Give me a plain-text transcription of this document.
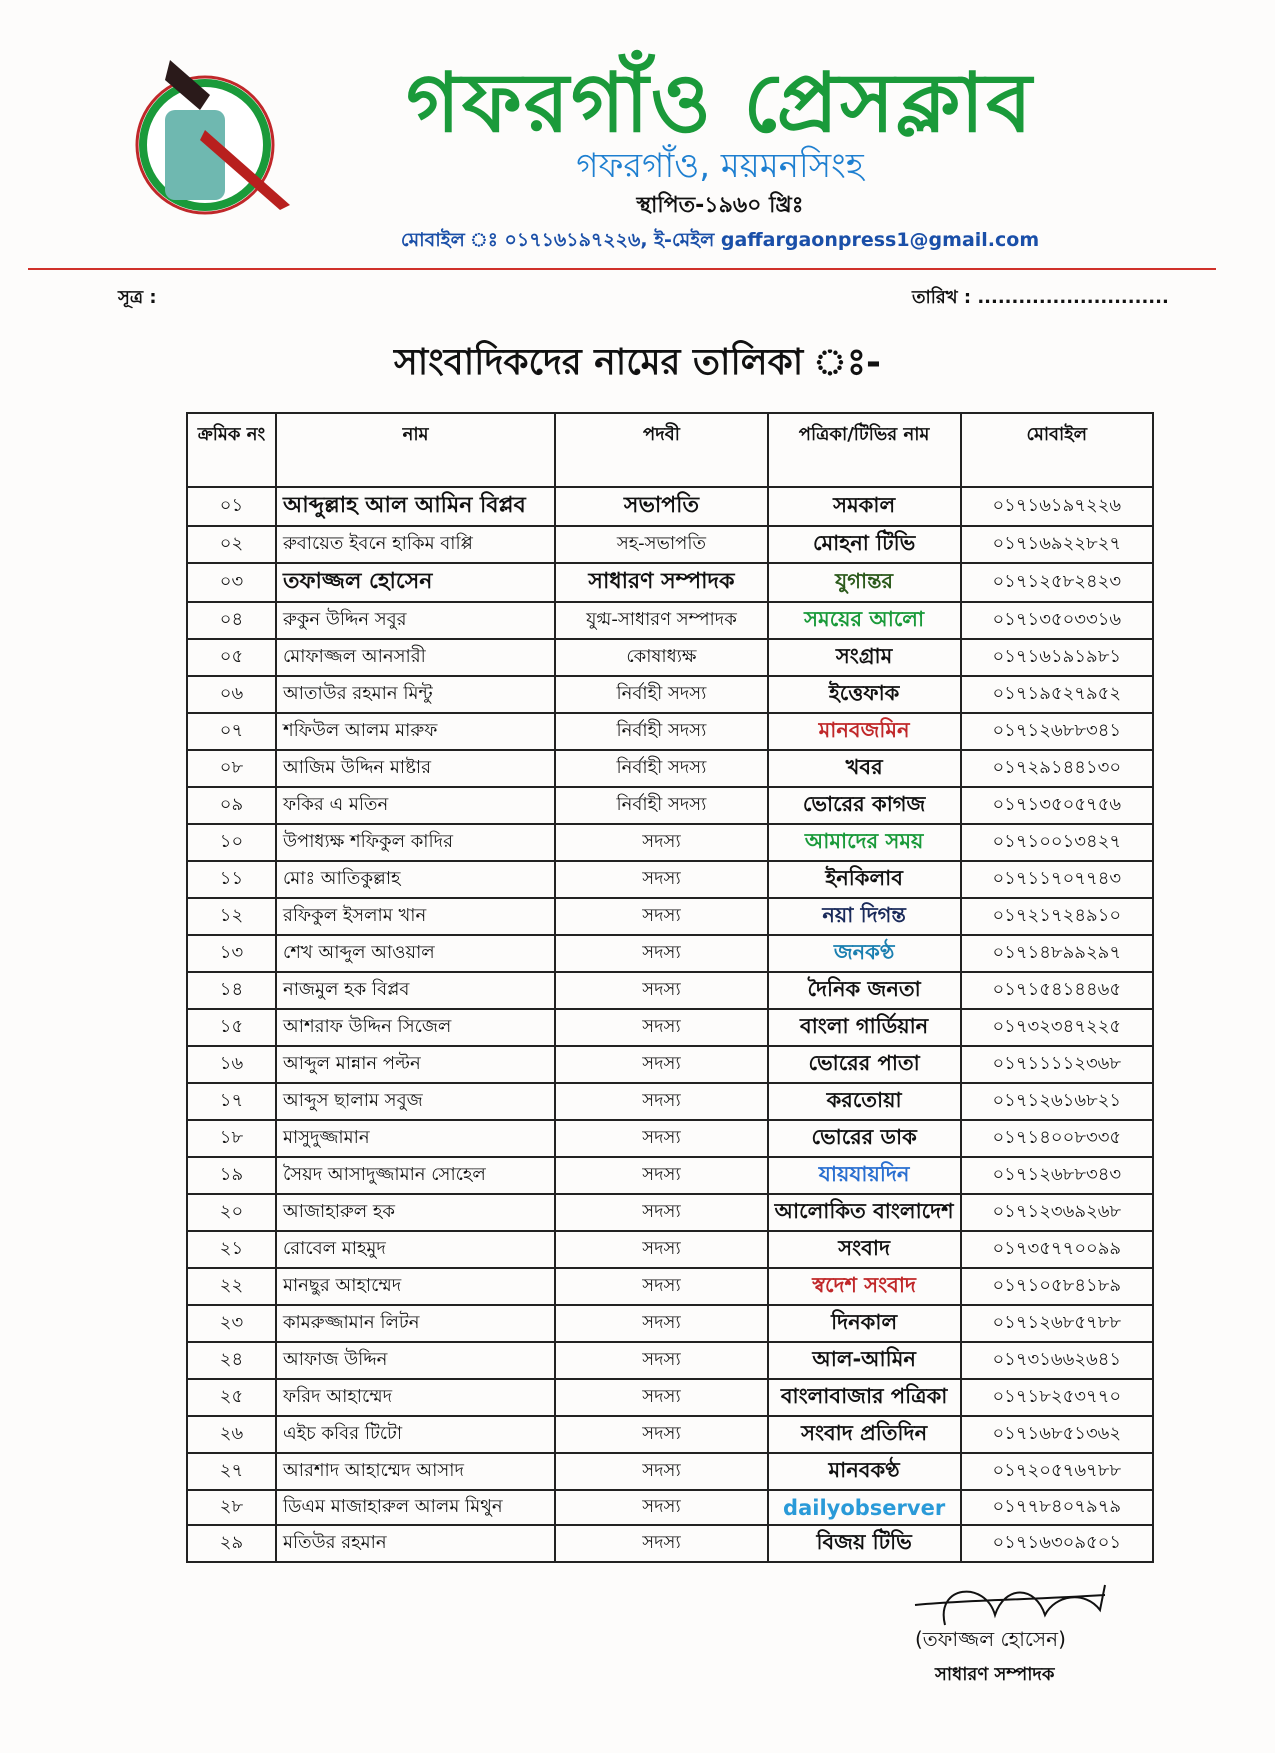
গফরগাঁও প্রেসক্লাব
গফরগাঁও, ময়মনসিংহ
স্থাপিত-১৯৬০ খ্রিঃ
মোবাইল ঃ ০১৭১৬১৯৭২২৬, ই-মেইল gaffargaonpress1@gmail.com
সূত্র :	তারিখ : ............................
সাংবাদিকদের নামের তালিকা ঃ-
ক্রমিক নং	নাম	পদবী	পত্রিকা/টিভির নাম	মোবাইল
০১	আব্দুল্লাহ আল আমিন বিপ্লব	সভাপতি	সমকাল	০১৭১৬১৯৭২২৬
০২	রুবায়েত ইবনে হাকিম বাপ্পি	সহ-সভাপতি	মোহনা টিভি	০১৭১৬৯২২৮২৭
০৩	তফাজ্জল হোসেন	সাধারণ সম্পাদক	যুগান্তর	০১৭১২৫৮২৪২৩
০৪	রুকুন উদ্দিন সবুর	যুগ্ম-সাধারণ সম্পাদক	সময়ের আলো	০১৭১৩৫০৩৩১৬
০৫	মোফাজ্জল আনসারী	কোষাধ্যক্ষ	সংগ্রাম	০১৭১৬১৯১৯৮১
০৬	আতাউর রহমান মিন্টু	নির্বাহী সদস্য	ইত্তেফাক	০১৭১৯৫২৭৯৫২
০৭	শফিউল আলম মারুফ	নির্বাহী সদস্য	মানবজমিন	০১৭১২৬৮৮৩৪১
০৮	আজিম উদ্দিন মাষ্টার	নির্বাহী সদস্য	খবর	০১৭২৯১৪৪১৩০
০৯	ফকির এ মতিন	নির্বাহী সদস্য	ভোরের কাগজ	০১৭১৩৫০৫৭৫৬
১০	উপাধ্যক্ষ শফিকুল কাদির	সদস্য	আমাদের সময়	০১৭১০০১৩৪২৭
১১	মোঃ আতিকুল্লাহ	সদস্য	ইনকিলাব	০১৭১১৭০৭৭৪৩
১২	রফিকুল ইসলাম খান	সদস্য	নয়া দিগন্ত	০১৭২১৭২৪৯১০
১৩	শেখ আব্দুল আওয়াল	সদস্য	জনকণ্ঠ	০১৭১৪৮৯৯২৯৭
১৪	নাজমুল হক বিপ্লব	সদস্য	দৈনিক জনতা	০১৭১৫৪১৪৪৬৫
১৫	আশরাফ উদ্দিন সিজেল	সদস্য	বাংলা গার্ডিয়ান	০১৭৩২৩৪৭২২৫
১৬	আব্দুল মান্নান পল্টন	সদস্য	ভোরের পাতা	০১৭১১১১২৩৬৮
১৭	আব্দুস ছালাম সবুজ	সদস্য	করতোয়া	০১৭১২৬১৬৮২১
১৮	মাসুদুজ্জামান	সদস্য	ভোরের ডাক	০১৭১৪০০৮৩৩৫
১৯	সৈয়দ আসাদুজ্জামান সোহেল	সদস্য	যায়যায়দিন	০১৭১২৬৮৮৩৪৩
২০	আজাহারুল হক	সদস্য	আলোকিত বাংলাদেশ	০১৭১২৩৬৯২৬৮
২১	রোবেল মাহমুদ	সদস্য	সংবাদ	০১৭৩৫৭৭০০৯৯
২২	মানছুর আহাম্মেদ	সদস্য	স্বদেশ সংবাদ	০১৭১০৫৮৪১৮৯
২৩	কামরুজ্জামান লিটন	সদস্য	দিনকাল	০১৭১২৬৮৫৭৮৮
২৪	আফাজ উদ্দিন	সদস্য	আল-আমিন	০১৭৩১৬৬২৬৪১
২৫	ফরিদ আহাম্মেদ	সদস্য	বাংলাবাজার পত্রিকা	০১৭১৮২৫৩৭৭০
২৬	এইচ কবির টিটো	সদস্য	সংবাদ প্রতিদিন	০১৭১৬৮৫১৩৬২
২৭	আরশাদ আহাম্মেদ আসাদ	সদস্য	মানবকণ্ঠ	০১৭২০৫৭৬৭৮৮
২৮	ডিএম মাজাহারুল আলম মিথুন	সদস্য	dailyobserver	০১৭৭৮৪০৭৯৭৯
২৯	মতিউর রহমান	সদস্য	বিজয় টিভি	০১৭১৬৩০৯৫০১
(তফাজ্জল হোসেন)
সাধারণ সম্পাদক
